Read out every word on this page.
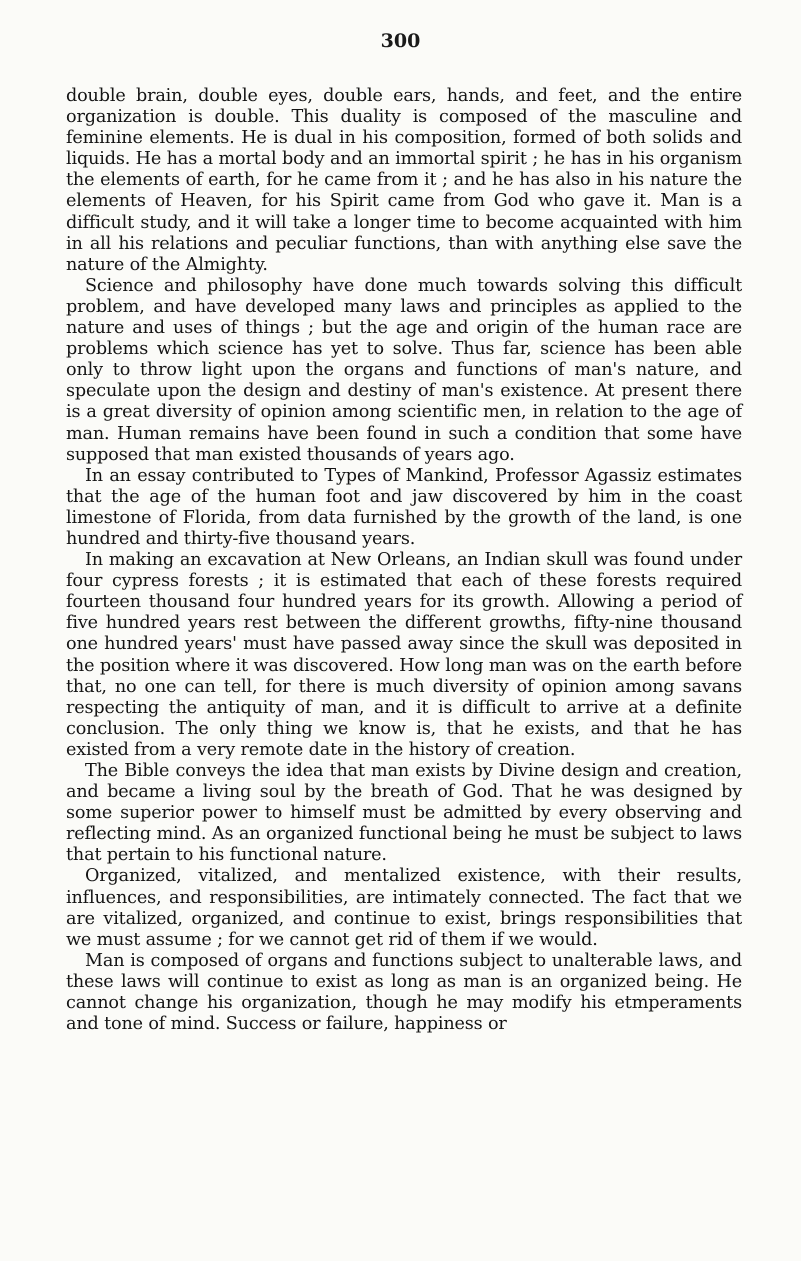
300

double brain, double eyes, double ears, hands, and feet, and the entire organization is double. This duality is composed of the masculine and feminine elements. He is dual in his composition, formed of both solids and liquids. He has a mortal body and an immortal spirit ; he has in his organism the elements of earth, for he came from it ; and he has also in his nature the elements of Heaven, for his Spirit came from God who gave it. Man is a difficult study, and it will take a longer time to become acquainted with him in all his relations and peculiar functions, than with anything else save the nature of the Almighty.

Science and philosophy have done much towards solving this difficult problem, and have developed many laws and principles as applied to the nature and uses of things ; but the age and origin of the human race are problems which science has yet to solve. Thus far, science has been able only to throw light upon the organs and functions of man's nature, and speculate upon the design and destiny of man's existence. At present there is a great diversity of opinion among scientific men, in relation to the age of man. Human remains have been found in such a condition that some have supposed that man existed thousands of years ago.

In an essay contributed to Types of Mankind, Professor Agassiz estimates that the age of the human foot and jaw discovered by him in the coast limestone of Florida, from data furnished by the growth of the land, is one hundred and thirty-five thousand years.

In making an excavation at New Orleans, an Indian skull was found under four cypress forests ; it is estimated that each of these forests required fourteen thousand four hundred years for its growth. Allowing a period of five hundred years rest between the different growths, fifty-nine thousand one hundred years' must have passed away since the skull was deposited in the position where it was discovered. How long man was on the earth before that, no one can tell, for there is much diversity of opinion among savans respecting the antiquity of man, and it is difficult to arrive at a definite conclusion. The only thing we know is, that he exists, and that he has existed from a very remote date in the history of creation.

The Bible conveys the idea that man exists by Divine design and creation, and became a living soul by the breath of God. That he was designed by some superior power to himself must be admitted by every observing and reflecting mind. As an organized functional being he must be subject to laws that pertain to his functional nature.

Organized, vitalized, and mentalized existence, with their results, influences, and responsibilities, are intimately connected. The fact that we are vitalized, organized, and continue to exist, brings responsibilities that we must assume ; for we cannot get rid of them if we would.

Man is composed of organs and functions subject to unalterable laws, and these laws will continue to exist as long as man is an organized being. He cannot change his organization, though he may modify his etmperaments and tone of mind. Success or failure, happiness or
